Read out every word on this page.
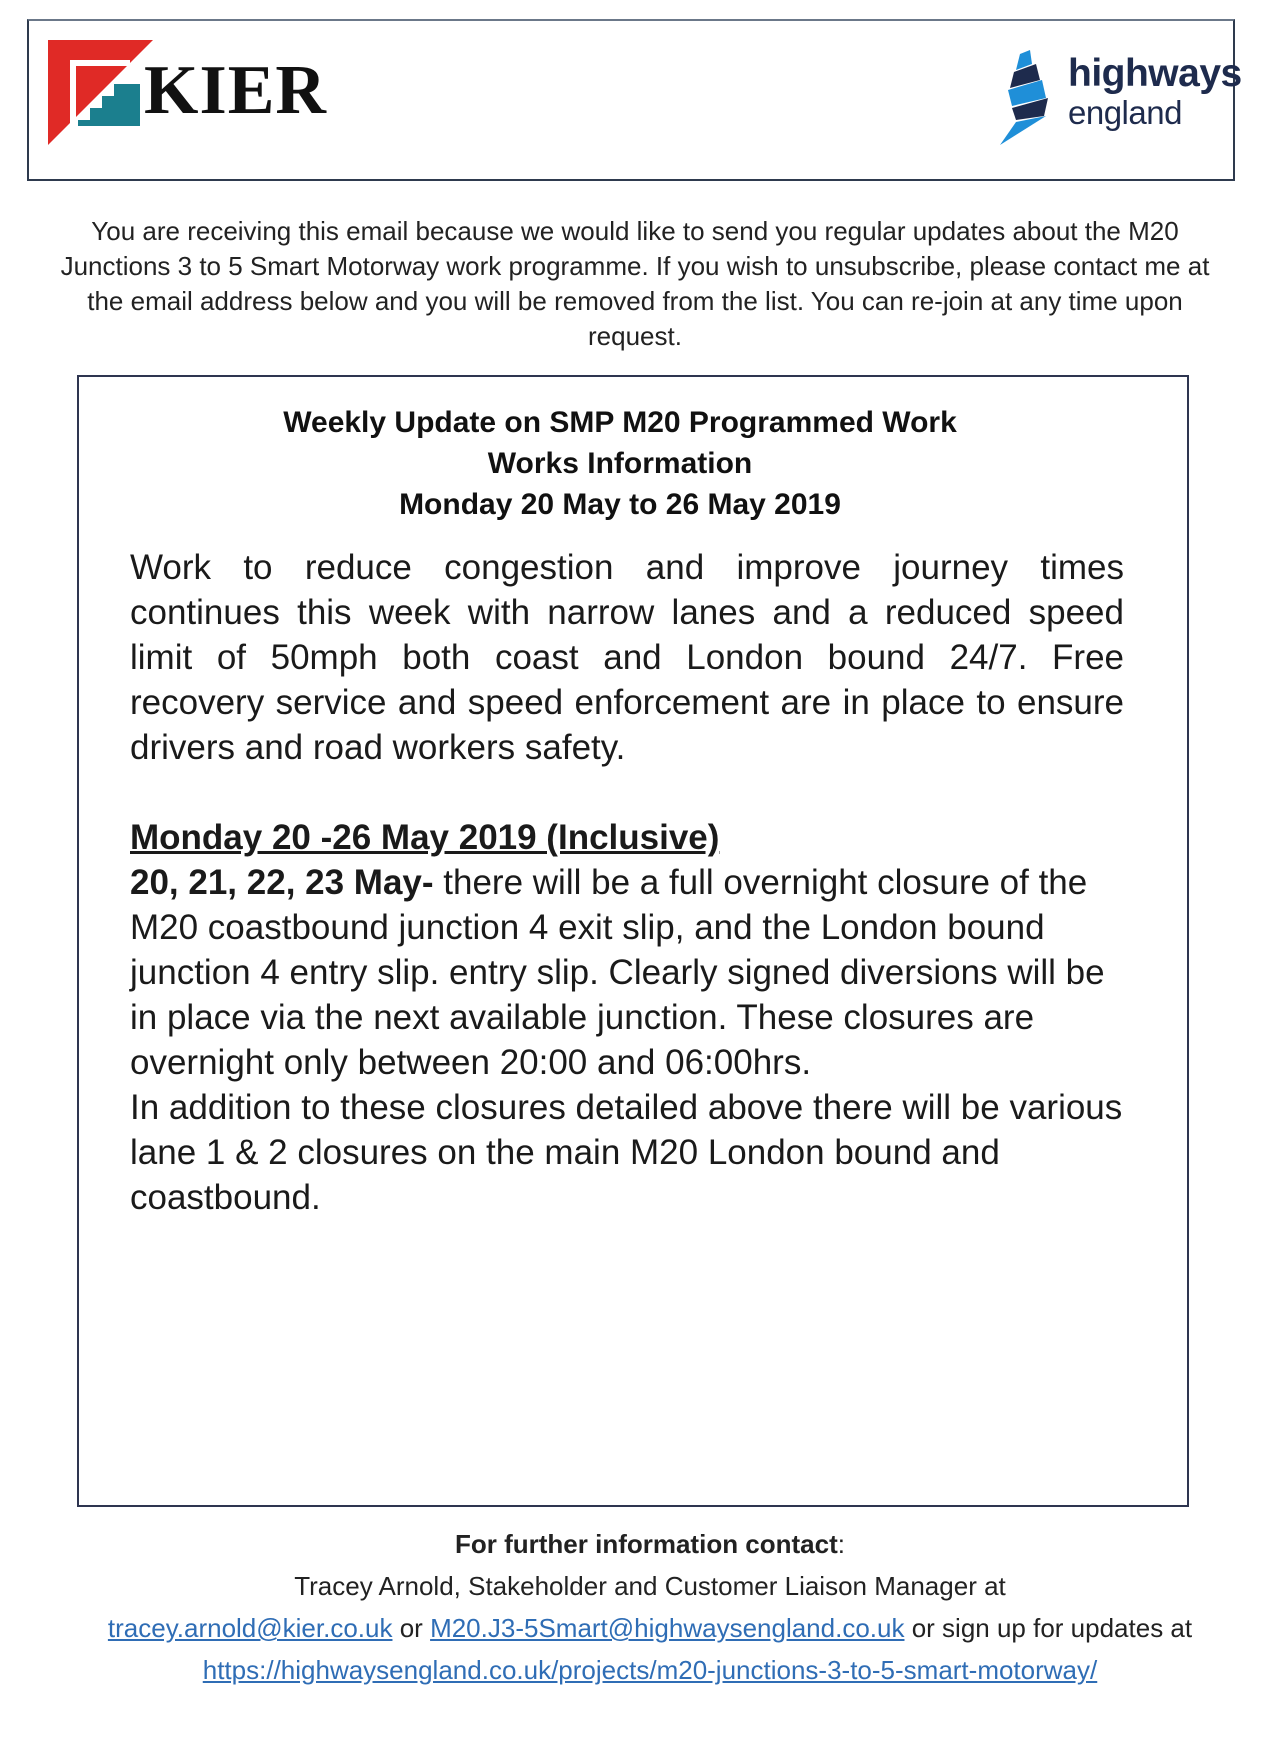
KIER	highways
england
You are receiving this email because we would like to send you regular updates about the M20 Junctions 3 to 5 Smart Motorway work programme. If you wish to unsubscribe, please contact me at the email address below and you will be removed from the list. You can re-join at any time upon request.
Weekly Update on SMP M20 Programmed Work
Works Information
Monday 20 May to 26 May 2019
Work to reduce congestion and improve journey times continues this week with narrow lanes and a reduced speed limit of 50mph both coast and London bound 24/7. Free recovery service and speed enforcement are in place to ensure drivers and road workers safety.
Monday 20 -26 May 2019 (Inclusive)

20, 21, 22, 23 May- there will be a full overnight closure of the M20 coastbound junction 4 exit slip, and the London bound junction 4 entry slip. entry slip. Clearly signed diversions will be in place via the next available junction. These closures are overnight only between 20:00 and 06:00hrs.

In addition to these closures detailed above there will be various lane 1 & 2 closures on the main M20 London bound and coastbound.

For further information contact:
Tracey Arnold, Stakeholder and Customer Liaison Manager at
tracey.arnold@kier.co.uk or M20.J3-5Smart@highwaysengland.co.uk or sign up for updates at https://highwaysengland.co.uk/projects/m20-junctions-3-to-5-smart-motorway/
